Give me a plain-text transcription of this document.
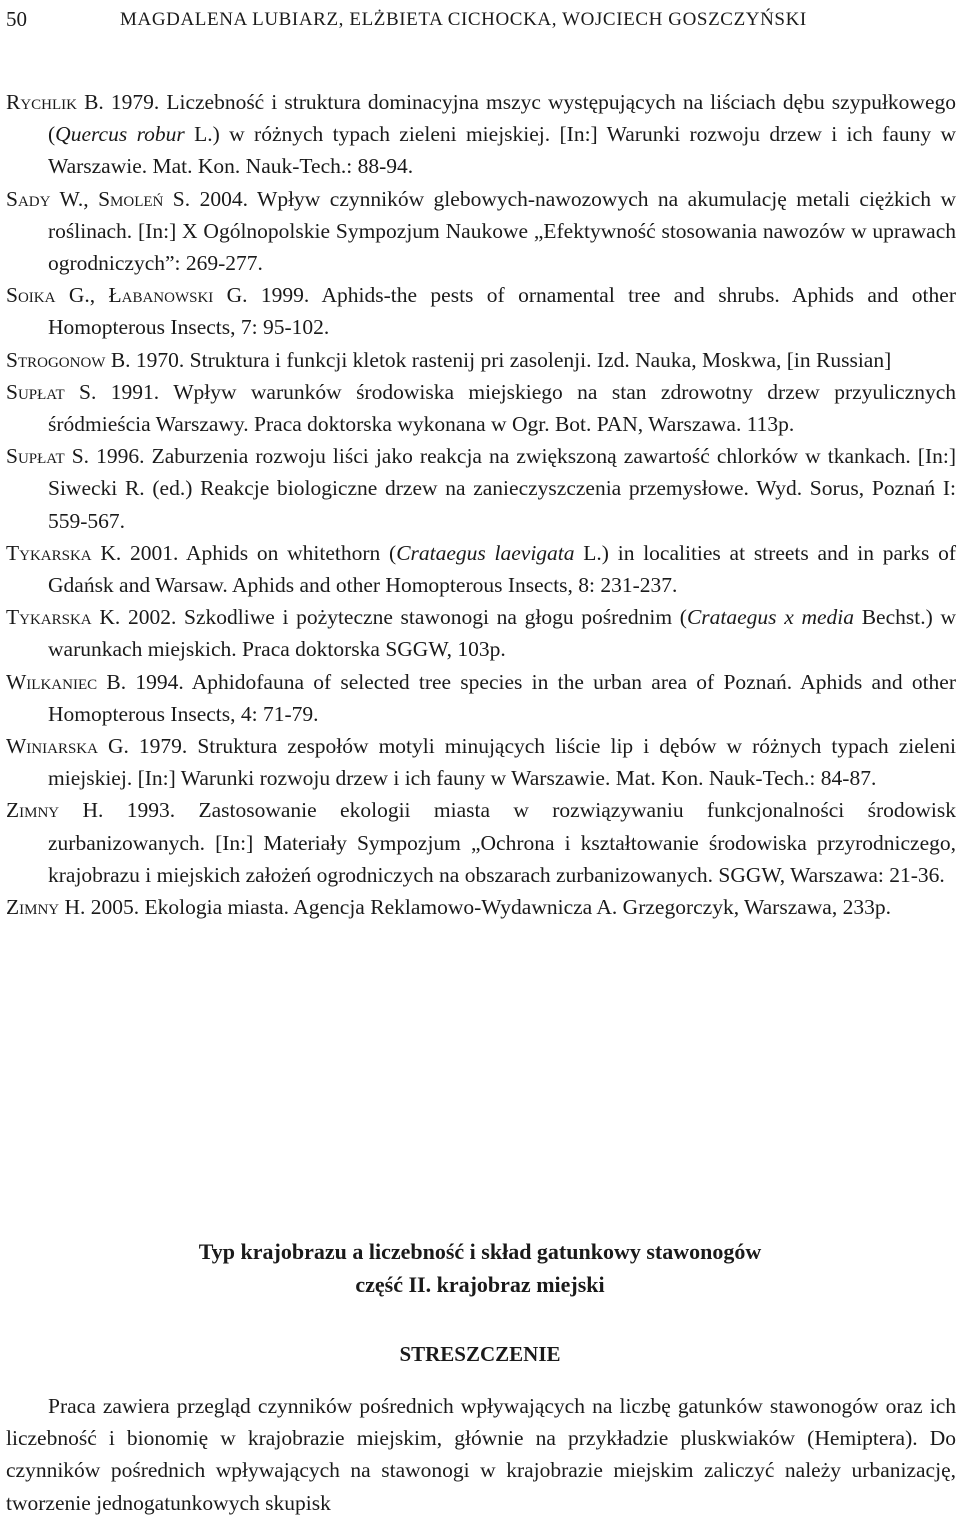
50	MAGDALENA LUBIARZ, ELŻBIETA CICHOCKA, WOJCIECH GOSZCZYŃSKI
Rychlik B. 1979. Liczebność i struktura dominacyjna mszyc występujących na liściach dębu szypułkowego (Quercus robur L.) w różnych typach zieleni miejskiej. [In:] Warunki rozwoju drzew i ich fauny w Warszawie. Mat. Kon. Nauk-Tech.: 88-94.
Sady W., Smoleń S. 2004. Wpływ czynników glebowych-nawozowych na akumulację metali ciężkich w roślinach. [In:] X Ogólnopolskie Sympozjum Naukowe „Efektywność stosowania nawozów w uprawach ogrodniczych”: 269-277.
Soika G., Łabanowski G. 1999. Aphids-the pests of ornamental tree and shrubs. Aphids and other Homopterous Insects, 7: 95-102.
Strogonow B. 1970. Struktura i funkcji kletok rastenij pri zasolenji. Izd. Nauka, Moskwa, [in Russian]
Supłat S. 1991. Wpływ warunków środowiska miejskiego na stan zdrowotny drzew przyulicznych śródmieścia Warszawy. Praca doktorska wykonana w Ogr. Bot. PAN, Warszawa. 113p.
Supłat S. 1996. Zaburzenia rozwoju liści jako reakcja na zwiększoną zawartość chlorków w tkankach. [In:] Siwecki R. (ed.) Reakcje biologiczne drzew na zanieczyszczenia przemysłowe. Wyd. Sorus, Poznań I: 559-567.
Tykarska K. 2001. Aphids on whitethorn (Crataegus laevigata L.) in localities at streets and in parks of Gdańsk and Warsaw. Aphids and other Homopterous Insects, 8: 231-237.
Tykarska K. 2002. Szkodliwe i pożyteczne stawonogi na głogu pośrednim (Crataegus x media Bechst.) w warunkach miejskich. Praca doktorska SGGW, 103p.
Wilkaniec B. 1994. Aphidofauna of selected tree species in the urban area of Poznań. Aphids and other Homopterous Insects, 4: 71-79.
Winiarska G. 1979. Struktura zespołów motyli minujących liście lip i dębów w różnych typach zieleni miejskiej. [In:] Warunki rozwoju drzew i ich fauny w Warszawie. Mat. Kon. Nauk-Tech.: 84-87.
Zimny H. 1993. Zastosowanie ekologii miasta w rozwiązywaniu funkcjonalności środowisk zurbanizowanych. [In:] Materiały Sympozjum „Ochrona i kształtowanie środowiska przyrodniczego, krajobrazu i miejskich założeń ogrodniczych na obszarach zurbanizowanych. SGGW, Warszawa: 21-36.
Zimny H. 2005. Ekologia miasta. Agencja Reklamowo-Wydawnicza A. Grzegorczyk, Warszawa, 233p.
Typ krajobrazu a liczebność i skład gatunkowy stawonogów
część II. krajobraz miejski
STRESZCZENIE
Praca zawiera przegląd czynników pośrednich wpływających na liczbę gatunków stawonogów oraz ich liczebność i bionomię w krajobrazie miejskim, głównie na przykładzie pluskwiaków (Hemiptera). Do czynników pośrednich wpływających na stawonogi w krajobrazie miejskim zaliczyć należy urbanizację, tworzenie jednogatunkowych skupisk
